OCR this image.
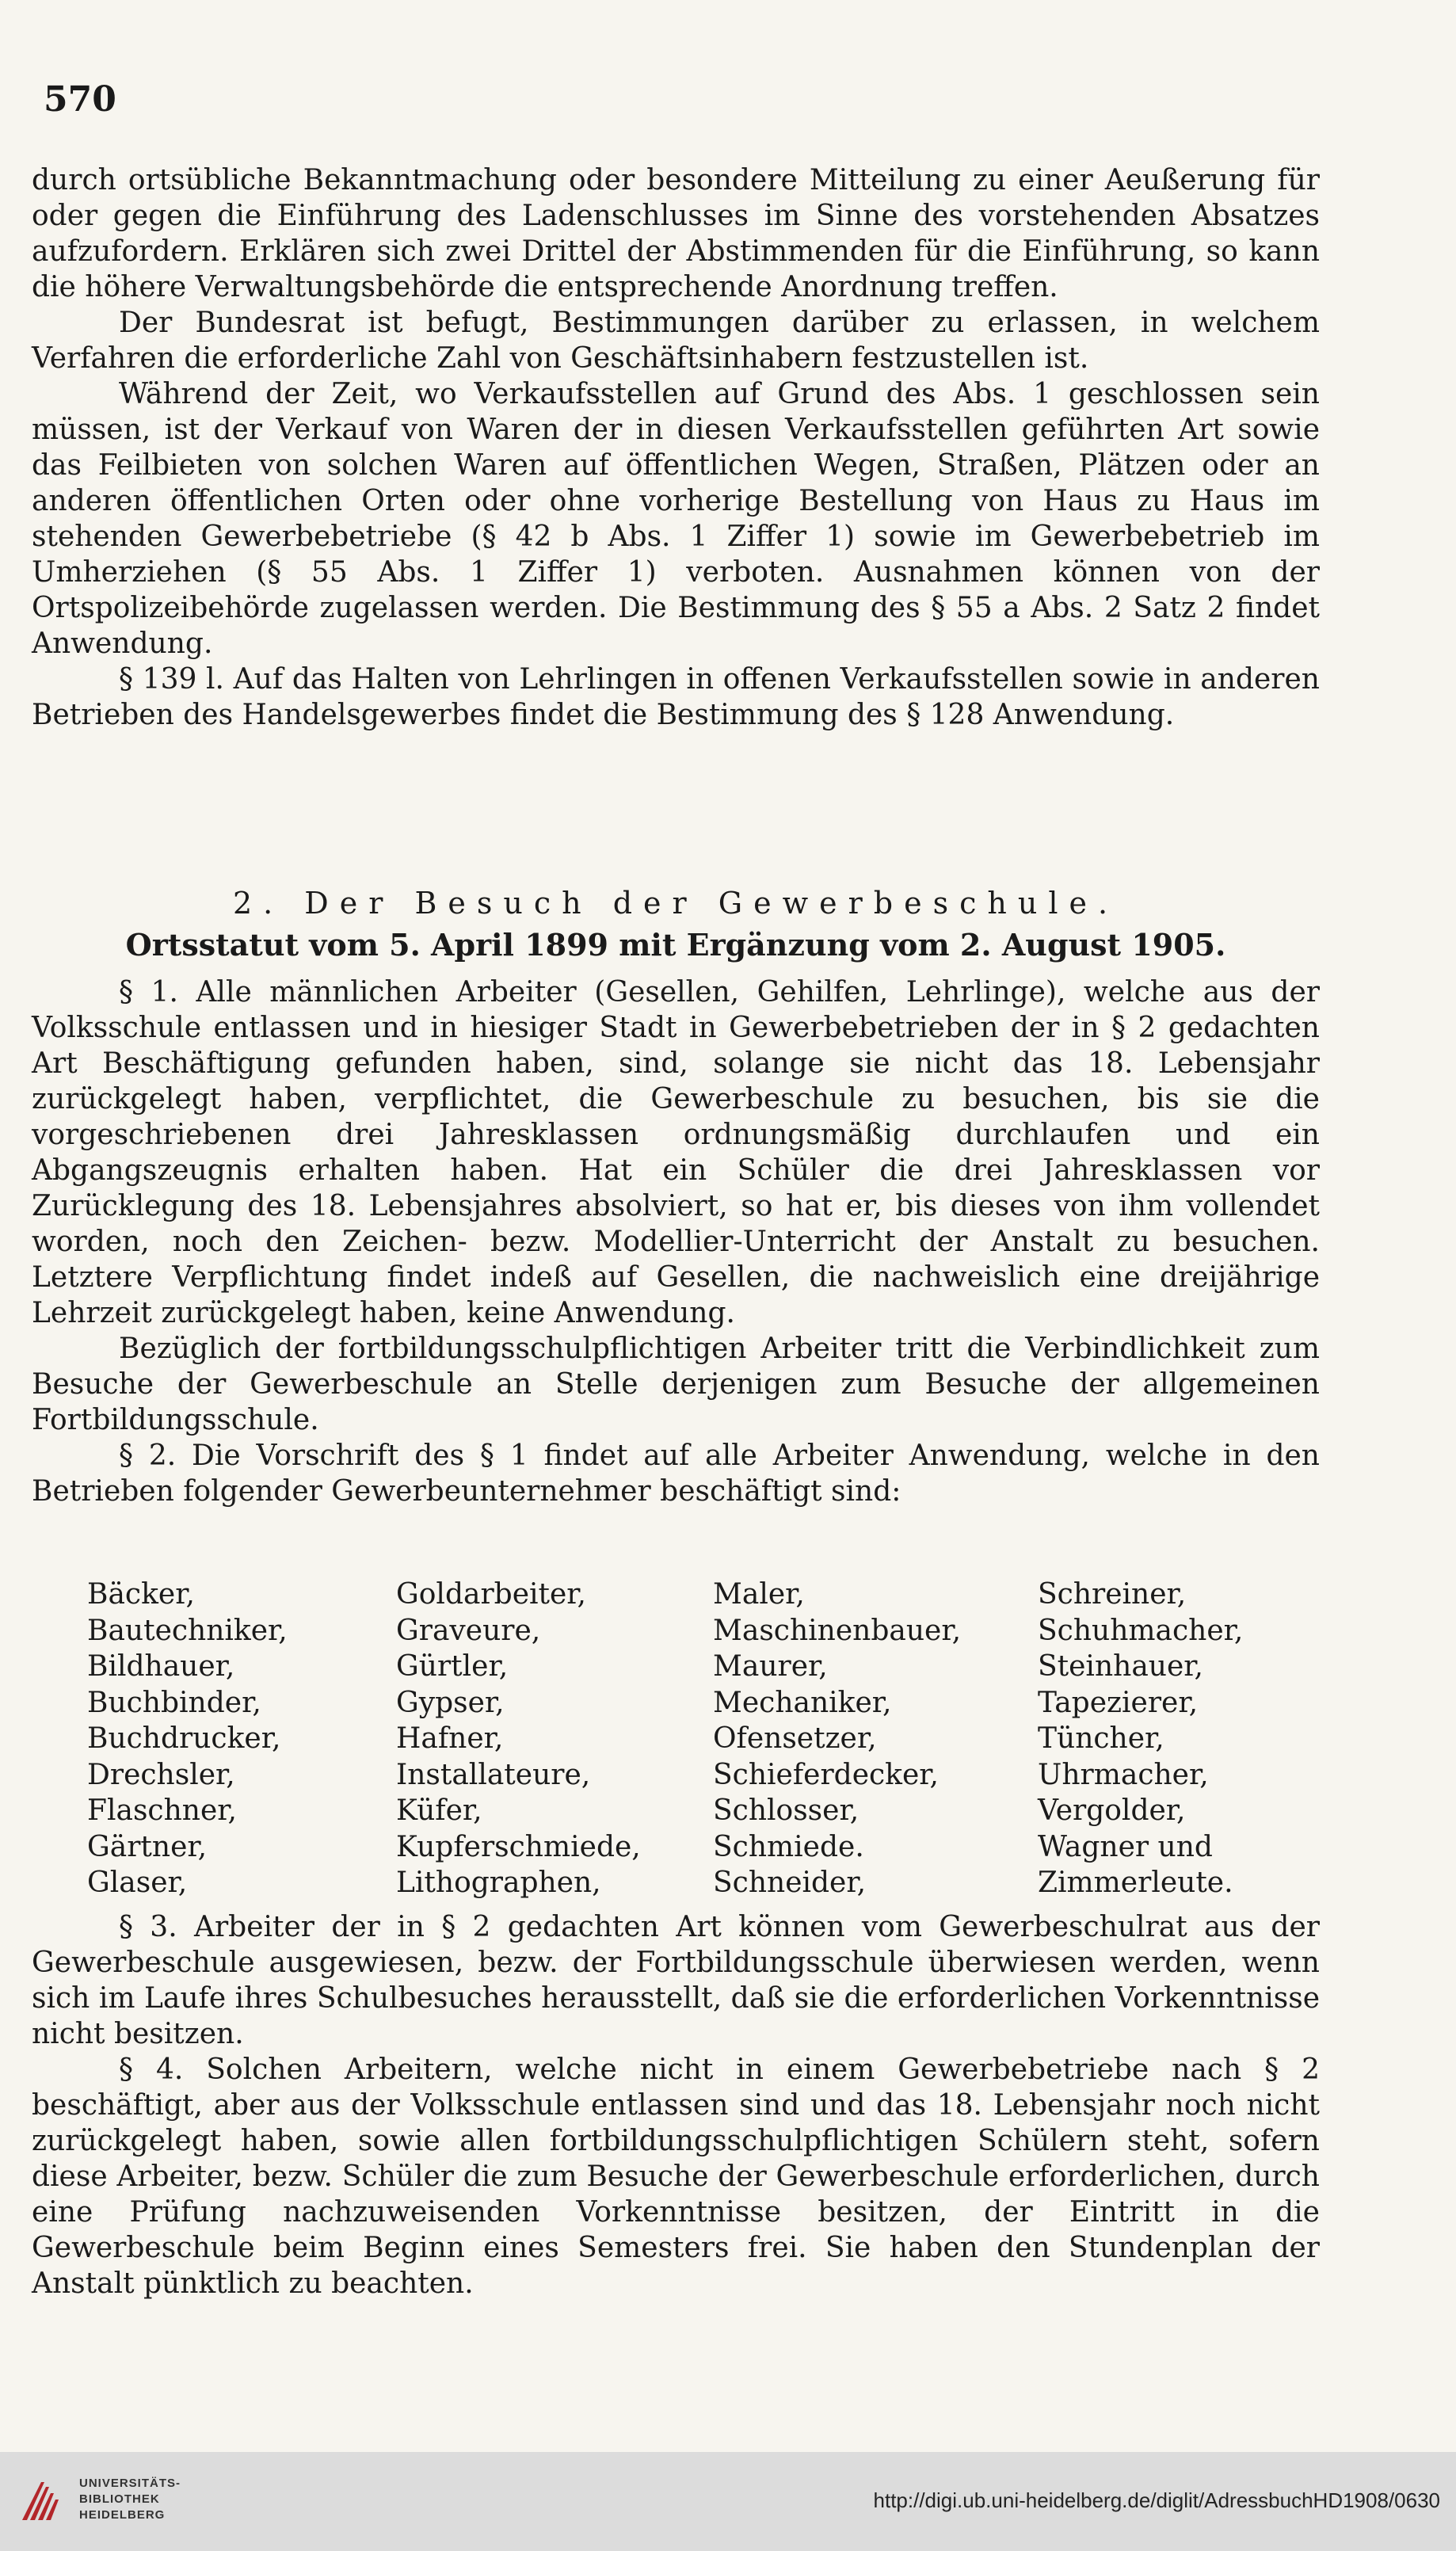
570

durch ortsübliche Bekanntmachung oder besondere Mitteilung zu einer Aeußerung für oder gegen die Einführung des Ladenschlusses im Sinne des vorstehenden Absatzes aufzufordern. Erklären sich zwei Drittel der Abstimmenden für die Einführung, so kann die höhere Verwaltungsbehörde die entsprechende Anordnung treffen.

Der Bundesrat ist befugt, Bestimmungen darüber zu erlassen, in welchem Verfahren die erforderliche Zahl von Geschäftsinhabern festzustellen ist.

Während der Zeit, wo Verkaufsstellen auf Grund des Abs. 1 geschlossen sein müssen, ist der Verkauf von Waren der in diesen Verkaufsstellen geführten Art sowie das Feilbieten von solchen Waren auf öffentlichen Wegen, Straßen, Plätzen oder an anderen öffentlichen Orten oder ohne vorherige Bestellung von Haus zu Haus im stehenden Gewerbebetriebe (§ 42 b Abs. 1 Ziffer 1) sowie im Gewerbebetrieb im Umherziehen (§ 55 Abs. 1 Ziffer 1) verboten. Ausnahmen können von der Ortspolizeibehörde zugelassen werden. Die Bestimmung des § 55 a Abs. 2 Satz 2 findet Anwendung.

§ 139 l. Auf das Halten von Lehrlingen in offenen Verkaufsstellen sowie in anderen Betrieben des Handelsgewerbes findet die Bestimmung des § 128 Anwendung.

2. Der Besuch der Gewerbeschule.
Ortsstatut vom 5. April 1899 mit Ergänzung vom 2. August 1905.

§ 1. Alle männlichen Arbeiter (Gesellen, Gehilfen, Lehrlinge), welche aus der Volksschule entlassen und in hiesiger Stadt in Gewerbebetrieben der in § 2 gedachten Art Beschäftigung gefunden haben, sind, solange sie nicht das 18. Lebensjahr zurückgelegt haben, verpflichtet, die Gewerbeschule zu besuchen, bis sie die vorgeschriebenen drei Jahresklassen ordnungsmäßig durchlaufen und ein Abgangszeugnis erhalten haben. Hat ein Schüler die drei Jahresklassen vor Zurücklegung des 18. Lebensjahres absolviert, so hat er, bis dieses von ihm vollendet worden, noch den Zeichen- bezw. Modellier-Unterricht der Anstalt zu besuchen. Letztere Verpflichtung findet indeß auf Gesellen, die nachweislich eine dreijährige Lehrzeit zurückgelegt haben, keine Anwendung.

Bezüglich der fortbildungsschulpflichtigen Arbeiter tritt die Verbindlichkeit zum Besuche der Gewerbeschule an Stelle derjenigen zum Besuche der allgemeinen Fortbildungsschule.

§ 2. Die Vorschrift des § 1 findet auf alle Arbeiter Anwendung, welche in den Betrieben folgender Gewerbeunternehmer beschäftigt sind:

Bäcker,	Goldarbeiter,	Maler,	Schreiner,
Bautechniker,	Graveure,	Maschinenbauer,	Schuhmacher,
Bildhauer,	Gürtler,	Maurer,	Steinhauer,
Buchbinder,	Gypser,	Mechaniker,	Tapezierer,
Buchdrucker,	Hafner,	Ofensetzer,	Tüncher,
Drechsler,	Installateure,	Schieferdecker,	Uhrmacher,
Flaschner,	Küfer,	Schlosser,	Vergolder,
Gärtner,	Kupferschmiede,	Schmiede.	Wagner und
Glaser,	Lithographen,	Schneider,	Zimmerleute.

§ 3. Arbeiter der in § 2 gedachten Art können vom Gewerbeschulrat aus der Gewerbeschule ausgewiesen, bezw. der Fortbildungsschule überwiesen werden, wenn sich im Laufe ihres Schulbesuches herausstellt, daß sie die erforderlichen Vorkenntnisse nicht besitzen.

§ 4. Solchen Arbeitern, welche nicht in einem Gewerbebetriebe nach § 2 beschäftigt, aber aus der Volksschule entlassen sind und das 18. Lebensjahr noch nicht zurückgelegt haben, sowie allen fortbildungsschulpflichtigen Schülern steht, sofern diese Arbeiter, bezw. Schüler die zum Besuche der Gewerbeschule erforderlichen, durch eine Prüfung nachzuweisenden Vorkenntnisse besitzen, der Eintritt in die Gewerbeschule beim Beginn eines Semesters frei. Sie haben den Stundenplan der Anstalt pünktlich zu beachten.

UNIVERSITÄTS-
BIBLIOTHEK
HEIDELBERG
http://digi.ub.uni-heidelberg.de/diglit/AdressbuchHD1908/0630
